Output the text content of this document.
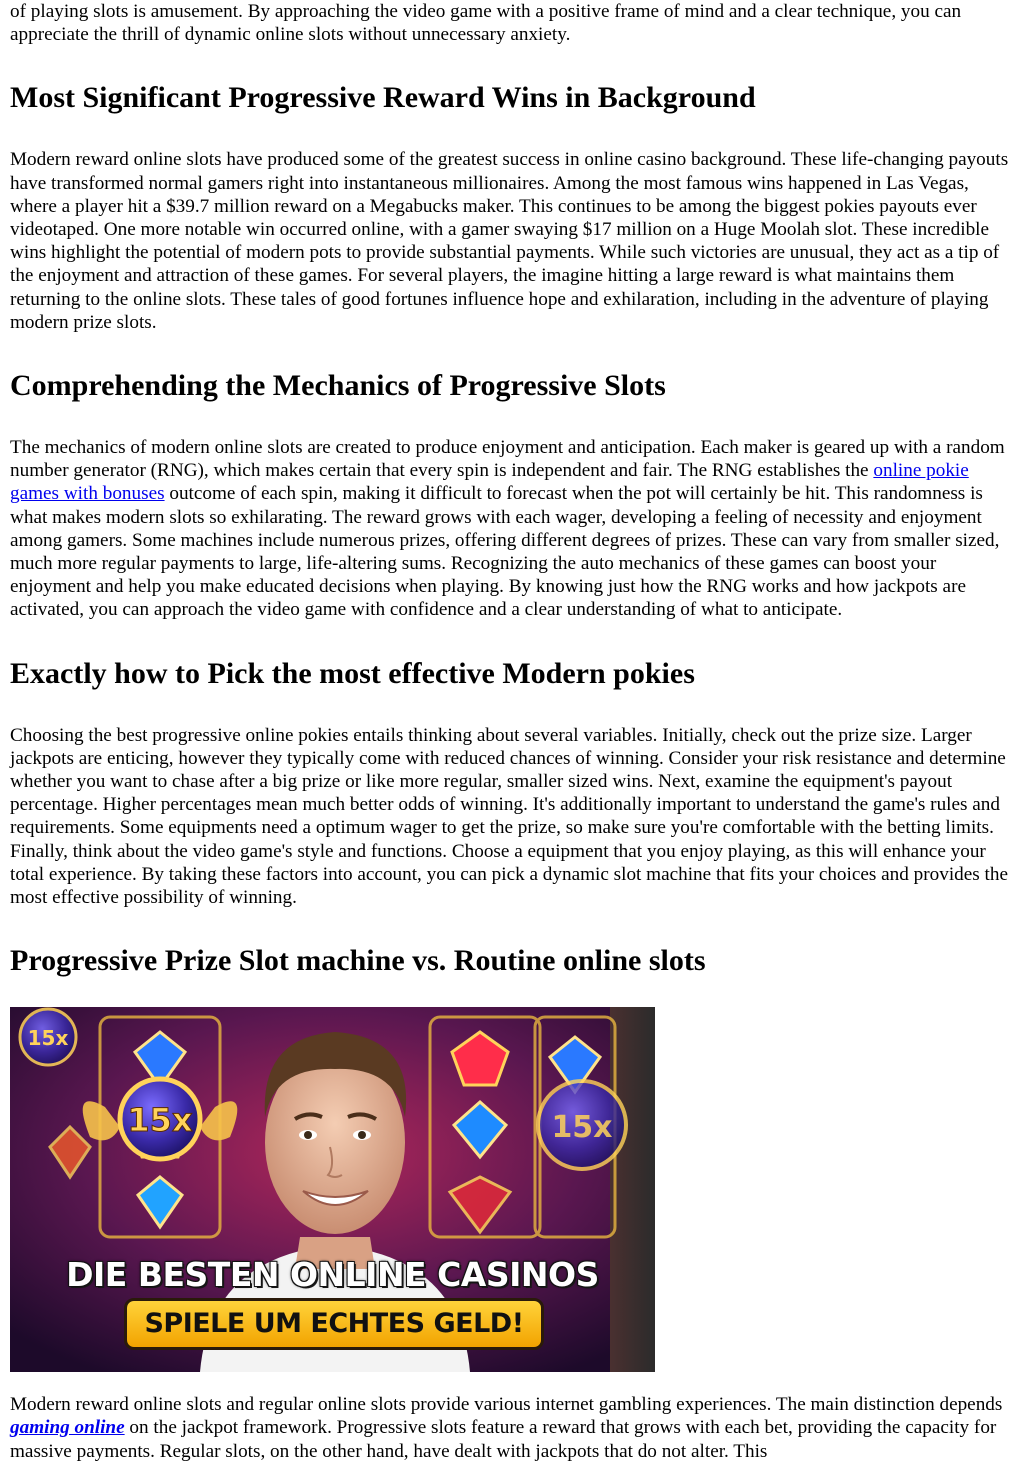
of playing slots is amusement. By approaching the video game with a positive frame of mind and a clear technique, you can appreciate the thrill of dynamic online slots without unnecessary anxiety.

Most Significant Progressive Reward Wins in Background

Modern reward online slots have produced some of the greatest success in online casino background. These life-changing payouts have transformed normal gamers right into instantaneous millionaires. Among the most famous wins happened in Las Vegas, where a player hit a $39.7 million reward on a Megabucks maker. This continues to be among the biggest pokies payouts ever videotaped. One more notable win occurred online, with a gamer swaying $17 million on a Huge Moolah slot. These incredible wins highlight the potential of modern pots to provide substantial payments. While such victories are unusual, they act as a tip of the enjoyment and attraction of these games. For several players, the imagine hitting a large reward is what maintains them returning to the online slots. These tales of good fortunes influence hope and exhilaration, including in the adventure of playing modern prize slots.

Comprehending the Mechanics of Progressive Slots

The mechanics of modern online slots are created to produce enjoyment and anticipation. Each maker is geared up with a random number generator (RNG), which makes certain that every spin is independent and fair. The RNG establishes the online pokie games with bonuses outcome of each spin, making it difficult to forecast when the pot will certainly be hit. This randomness is what makes modern slots so exhilarating. The reward grows with each wager, developing a feeling of necessity and enjoyment among gamers. Some machines include numerous prizes, offering different degrees of prizes. These can vary from smaller sized, much more regular payments to large, life-altering sums. Recognizing the auto mechanics of these games can boost your enjoyment and help you make educated decisions when playing. By knowing just how the RNG works and how jackpots are activated, you can approach the video game with confidence and a clear understanding of what to anticipate.

Exactly how to Pick the most effective Modern pokies

Choosing the best progressive online pokies entails thinking about several variables. Initially, check out the prize size. Larger jackpots are enticing, however they typically come with reduced chances of winning. Consider your risk resistance and determine whether you want to chase after a big prize or like more regular, smaller sized wins. Next, examine the equipment's payout percentage. Higher percentages mean much better odds of winning. It's additionally important to understand the game's rules and requirements. Some equipments need a optimum wager to get the prize, so make sure you're comfortable with the betting limits. Finally, think about the video game's style and functions. Choose a equipment that you enjoy playing, as this will enhance your total experience. By taking these factors into account, you can pick a dynamic slot machine that fits your choices and provides the most effective possibility of winning.

Progressive Prize Slot machine vs. Routine online slots
15x
15x	15x
DIE BESTEN ONLINE CASINOS
SPIELE UM ECHTES GELD!

Modern reward online slots and regular online slots provide various internet gambling experiences. The main distinction depends gaming online on the jackpot framework. Progressive slots feature a reward that grows with each bet, providing the capacity for massive payments. Regular slots, on the other hand, have dealt with jackpots that do not alter. This
